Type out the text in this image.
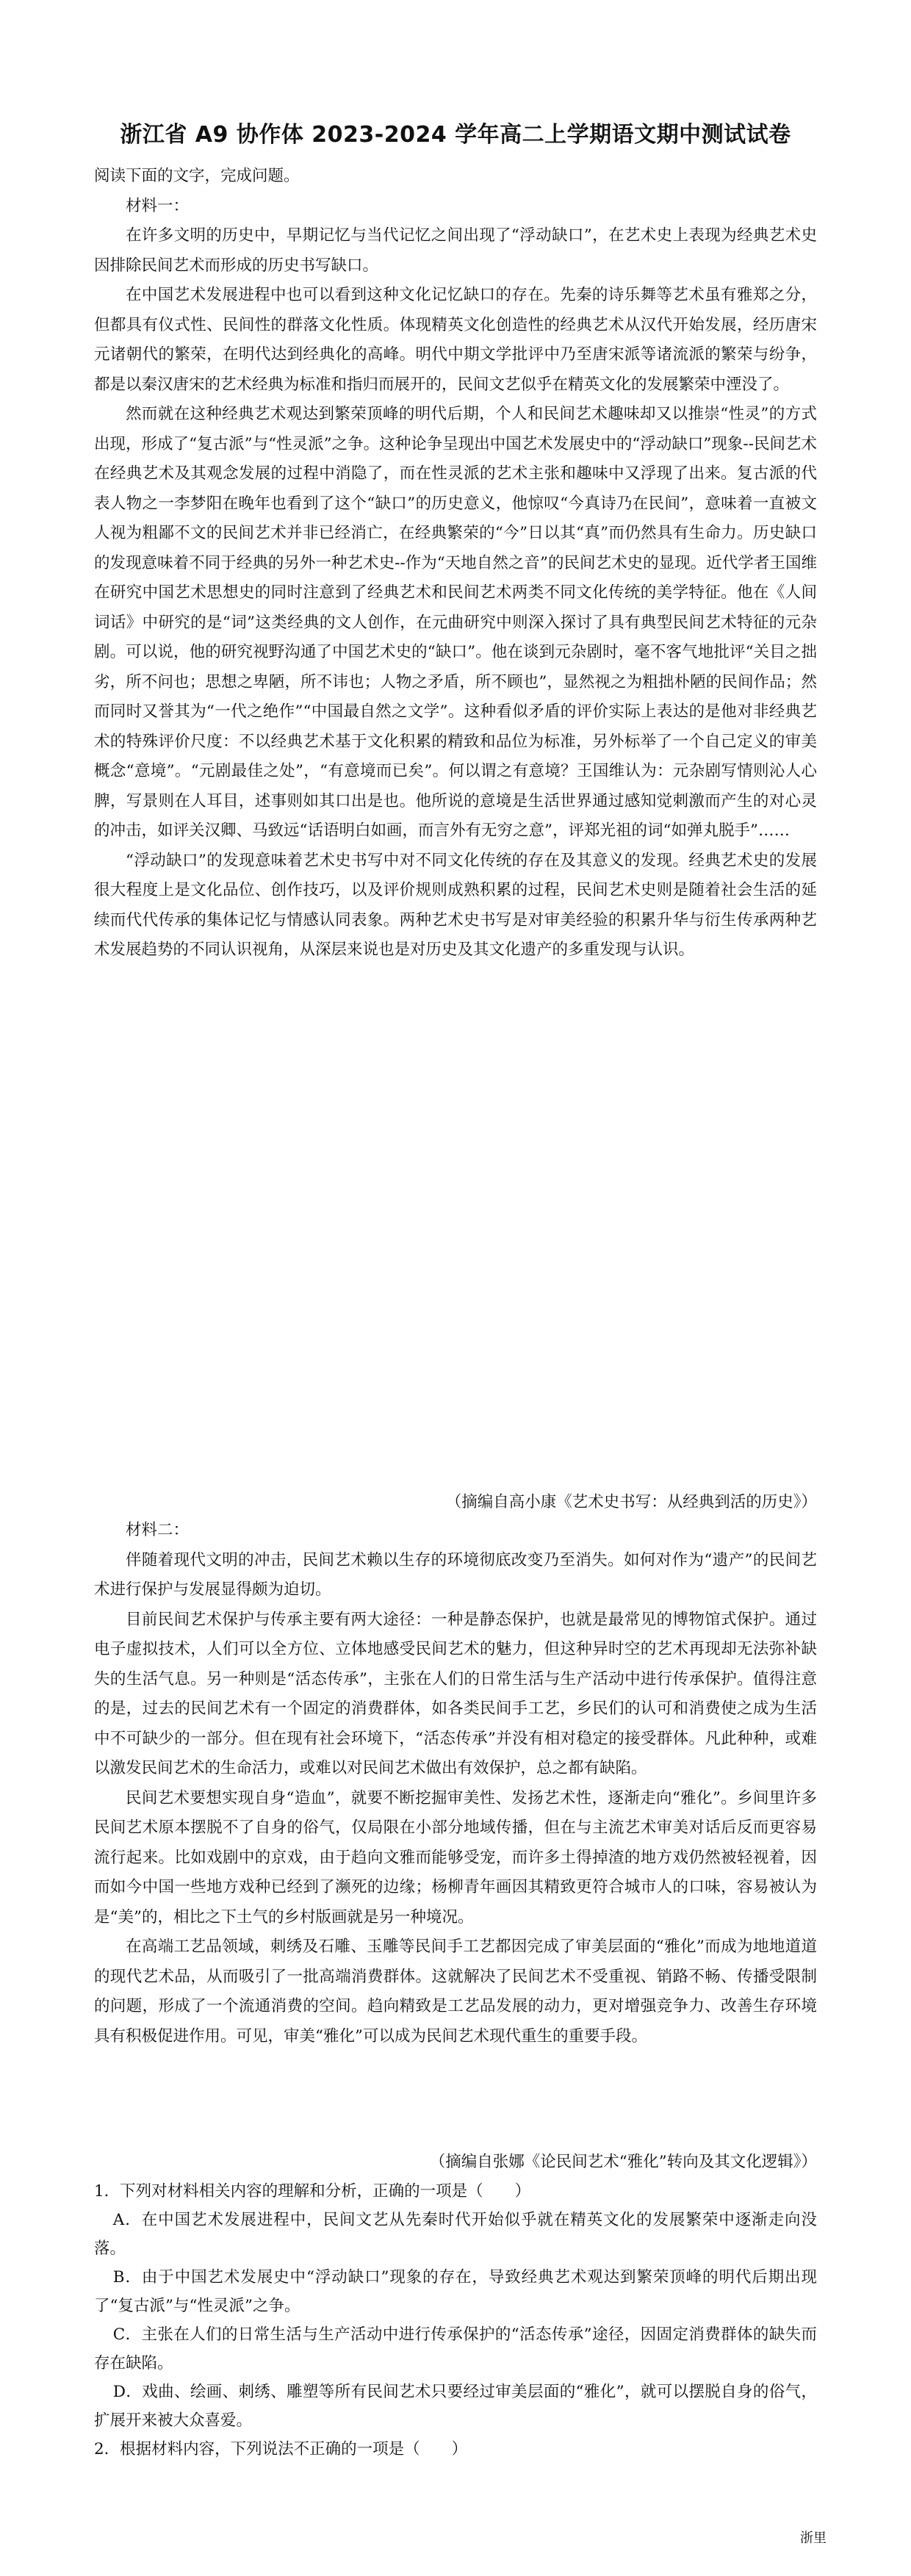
浙江省 A9 协作体 2023-2024 学年高二上学期语文期中测试试卷

阅读下面的文字，完成问题。

材料一：

在许多文明的历史中，早期记忆与当代记忆之间出现了“浮动缺口”，在艺术史上表现为经典艺术史因排除民间艺术而形成的历史书写缺口。

在中国艺术发展进程中也可以看到这种文化记忆缺口的存在。先秦的诗乐舞等艺术虽有雅郑之分，但都具有仪式性、民间性的群落文化性质。体现精英文化创造性的经典艺术从汉代开始发展，经历唐宋元诸朝代的繁荣，在明代达到经典化的高峰。明代中期文学批评中乃至唐宋派等诸流派的繁荣与纷争，都是以秦汉唐宋的艺术经典为标准和指归而展开的，民间文艺似乎在精英文化的发展繁荣中湮没了。

然而就在这种经典艺术观达到繁荣顶峰的明代后期，个人和民间艺术趣味却又以推崇“性灵”的方式出现，形成了“复古派”与“性灵派”之争。这种论争呈现出中国艺术发展史中的“浮动缺口”现象--民间艺术在经典艺术及其观念发展的过程中消隐了，而在性灵派的艺术主张和趣味中又浮现了出来。复古派的代表人物之一李梦阳在晚年也看到了这个“缺口”的历史意义，他惊叹“今真诗乃在民间”，意味着一直被文人视为粗鄙不文的民间艺术并非已经消亡，在经典繁荣的“今”日以其“真”而仍然具有生命力。历史缺口的发现意味着不同于经典的另外一种艺术史--作为“天地自然之音”的民间艺术史的显现。近代学者王国维在研究中国艺术思想史的同时注意到了经典艺术和民间艺术两类不同文化传统的美学特征。他在《人间词话》中研究的是“词”这类经典的文人创作，在元曲研究中则深入探讨了具有典型民间艺术特征的元杂剧。可以说，他的研究视野沟通了中国艺术史的“缺口”。他在谈到元杂剧时，毫不客气地批评“关目之拙劣，所不问也；思想之卑陋，所不讳也；人物之矛盾，所不顾也”，显然视之为粗拙朴陋的民间作品；然而同时又誉其为“一代之绝作”“中国最自然之文学”。这种看似矛盾的评价实际上表达的是他对非经典艺术的特殊评价尺度：不以经典艺术基于文化积累的精致和品位为标准，另外标举了一个自己定义的审美概念“意境”。“元剧最佳之处”，“有意境而已矣”。何以谓之有意境？王国维认为：元杂剧写情则沁人心脾，写景则在人耳目，述事则如其口出是也。他所说的意境是生活世界通过感知觉刺激而产生的对心灵的冲击，如评关汉卿、马致远“话语明白如画，而言外有无穷之意”，评郑光祖的词“如弹丸脱手”……

“浮动缺口”的发现意味着艺术史书写中对不同文化传统的存在及其意义的发现。经典艺术史的发展很大程度上是文化品位、创作技巧，以及评价规则成熟积累的过程，民间艺术史则是随着社会生活的延续而代代传承的集体记忆与情感认同表象。两种艺术史书写是对审美经验的积累升华与衍生传承两种艺术发展趋势的不同认识视角，从深层来说也是对历史及其文化遗产的多重发现与认识。

（摘编自高小康《艺术史书写：从经典到活的历史》）

材料二：

伴随着现代文明的冲击，民间艺术赖以生存的环境彻底改变乃至消失。如何对作为“遗产”的民间艺术进行保护与发展显得颇为迫切。

目前民间艺术保护与传承主要有两大途径：一种是静态保护，也就是最常见的博物馆式保护。通过电子虚拟技术，人们可以全方位、立体地感受民间艺术的魅力，但这种异时空的艺术再现却无法弥补缺失的生活气息。另一种则是“活态传承”，主张在人们的日常生活与生产活动中进行传承保护。值得注意的是，过去的民间艺术有一个固定的消费群体，如各类民间手工艺，乡民们的认可和消费使之成为生活中不可缺少的一部分。但在现有社会环境下，“活态传承”并没有相对稳定的接受群体。凡此种种，或难以激发民间艺术的生命活力，或难以对民间艺术做出有效保护，总之都有缺陷。

民间艺术要想实现自身“造血”，就要不断挖掘审美性、发扬艺术性，逐渐走向“雅化”。乡间里许多民间艺术原本摆脱不了自身的俗气，仅局限在小部分地域传播，但在与主流艺术审美对话后反而更容易流行起来。比如戏剧中的京戏，由于趋向文雅而能够受宠，而许多土得掉渣的地方戏仍然被轻视着，因而如今中国一些地方戏种已经到了濒死的边缘；杨柳青年画因其精致更符合城市人的口味，容易被认为是“美”的，相比之下土气的乡村版画就是另一种境况。

在高端工艺品领域，刺绣及石雕、玉雕等民间手工艺都因完成了审美层面的“雅化”而成为地地道道的现代艺术品，从而吸引了一批高端消费群体。这就解决了民间艺术不受重视、销路不畅、传播受限制的问题，形成了一个流通消费的空间。趋向精致是工艺品发展的动力，更对增强竞争力、改善生存环境具有积极促进作用。可见，审美“雅化”可以成为民间艺术现代重生的重要手段。

（摘编自张娜《论民间艺术“雅化”转向及其文化逻辑》）

1．下列对材料相关内容的理解和分析，正确的一项是（　　）

A．在中国艺术发展进程中，民间文艺从先秦时代开始似乎就在精英文化的发展繁荣中逐渐走向没落。

B．由于中国艺术发展史中“浮动缺口”现象的存在，导致经典艺术观达到繁荣顶峰的明代后期出现了“复古派”与“性灵派”之争。

C．主张在人们的日常生活与生产活动中进行传承保护的“活态传承”途径，因固定消费群体的缺失而存在缺陷。

D．戏曲、绘画、刺绣、雕塑等所有民间艺术只要经过审美层面的“雅化”，就可以摆脱自身的俗气，扩展开来被大众喜爱。

2．根据材料内容，下列说法不正确的一项是（　　）

浙里
